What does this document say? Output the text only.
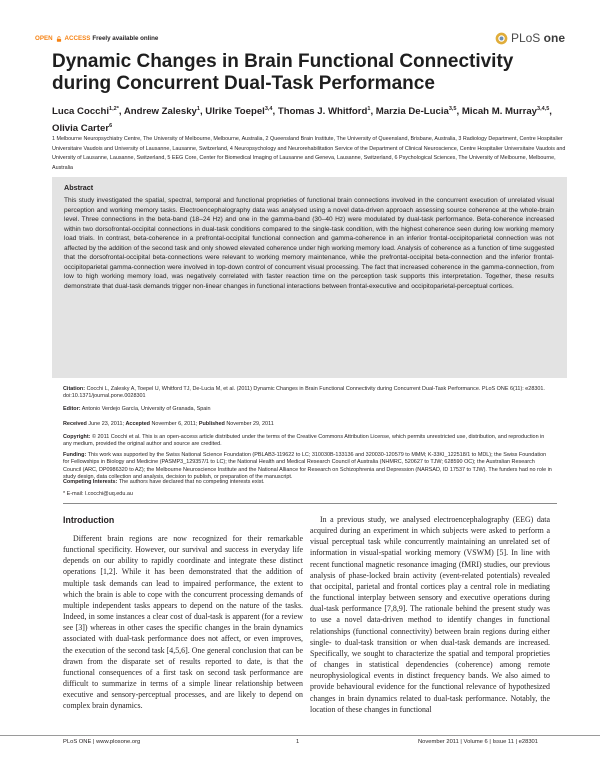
OPEN ACCESS Freely available online	PLoS one
Dynamic Changes in Brain Functional Connectivity during Concurrent Dual-Task Performance
Luca Cocchi$^{1,2*}$, Andrew Zalesky$^1$, Ulrike Toepel$^{3,4}$, Thomas J. Whitford$^1$, Marzia De-Lucia$^{3,5}$, Micah M. Murray$^{3,4,5}$, Olivia Carter$^6$
1 Melbourne Neuropsychiatry Centre, The University of Melbourne, Melbourne, Australia, 2 Queensland Brain Institute, The University of Queensland, Brisbane, Australia, 3 Radiology Department, Centre Hospitalier Universitaire Vaudois and University of Lausanne, Lausanne, Switzerland, 4 Neuropsychology and Neurorehabilitation Service of the Department of Clinical Neuroscience, Centre Hospitalier Universitaire Vaudois and University of Lausanne, Lausanne, Switzerland, 5 EEG Core, Center for Biomedical Imaging of Lausanne and Geneva, Lausanne, Switzerland, 6 Psychological Sciences, The University of Melbourne, Melbourne, Australia
Abstract
This study investigated the spatial, spectral, temporal and functional proprieties of functional brain connections involved in the concurrent execution of unrelated visual perception and working memory tasks. Electroencephalography data was analysed using a novel data-driven approach assessing source coherence at the whole-brain level. Three connections in the beta-band (18–24 Hz) and one in the gamma-band (30–40 Hz) were modulated by dual-task performance. Beta-coherence increased within two dorsofrontal-occipital connections in dual-task conditions compared to the single-task condition, with the highest coherence seen during low working memory load trials. In contrast, beta-coherence in a prefrontal-occipital functional connection and gamma-coherence in an inferior frontal-occipitoparietal connection was not affected by the addition of the second task and only showed elevated coherence under high working memory load. Analysis of coherence as a function of time suggested that the dorsofrontal-occipital beta-connections were relevant to working memory maintenance, while the prefrontal-occipital beta-connection and the inferior frontal-occipitoparietal gamma-connection were involved in top-down control of concurrent visual processing. The fact that increased coherence in the gamma-connection, from low to high working memory load, was negatively correlated with faster reaction time on the perception task supports this interpretation. Together, these results demonstrate that dual-task demands trigger non-linear changes in functional interactions between frontal-executive and occipitoparietal-perceptual cortices.
Citation: Cocchi L, Zalesky A, Toepel U, Whitford TJ, De-Lucia M, et al. (2011) Dynamic Changes in Brain Functional Connectivity during Concurrent Dual-Task Performance. PLoS ONE 6(11): e28301. doi:10.1371/journal.pone.0028301
Editor: Antonio Verdejo García, University of Granada, Spain
Received June 23, 2011; Accepted November 6, 2011; Published November 29, 2011
Copyright: © 2011 Cocchi et al. This is an open-access article distributed under the terms of the Creative Commons Attribution License, which permits unrestricted use, distribution, and reproduction in any medium, provided the original author and source are credited.
Funding: This work was supported by the Swiss National Science Foundation (PBLAB3-119622 to LC; 310030B-133136 and 320030-120579 to MMM; K-33KI_122518/1 to MDL); the Swiss Foundation for Fellowships in Biology and Medicine (PASMP3_129357/1 to LC); the National Health and Medical Research Council of Australia (NHMRC, 520627 to TJW; 628590 OC); the Australian Research Council (ARC, DP0986320 to AZ); the Melbourne Neuroscience Institute and the National Alliance for Research on Schizophrenia and Depression (NARSAD, ID 17537 to TJW). The funders had no role in study design, data collection and analysis, decision to publish, or preparation of the manuscript.
Competing Interests: The authors have declared that no competing interests exist.
* E-mail: l.cocchi@uq.edu.au
Introduction

Different brain regions are now recognized for their remarkable functional specificity. However, our survival and success in everyday life depends on our ability to rapidly coordinate and integrate these distinct operations [1,2]. While it has been demonstrated that the addition of multiple task demands can lead to impaired performance, the extent to which the brain is able to cope with the concurrent processing demands of multiple independent tasks appears to depend on the nature of the tasks. Indeed, in some instances a clear cost of dual-task is apparent (for a review see [3]) whereas in other cases the specific changes in the brain dynamics associated with dual-task performance does not affect, or even improves, the execution of the second task [4,5,6]. One general conclusion that can be drawn from the disparate set of results reported to date, is that the functional consequences of a first task on second task performance are difficult to summarize in terms of a simple linear relationship between executive and sensory-perceptual processes, and are likely to depend on complex brain dynamics.

In a previous study, we analysed electroencephalography (EEG) data acquired during an experiment in which subjects were asked to perform a visual perceptual task while concurrently maintaining an unrelated set of information in visual-spatial working memory (VSWM) [5]. In line with recent functional magnetic resonance imaging (fMRI) studies, our previous analysis of phase-locked brain activity (event-related potentials) revealed that occipital, parietal and frontal cortices play a central role in mediating the functional interplay between sensory and executive operations during dual-task performance [7,8,9]. The rationale behind the present study was to use a novel data-driven method to identify changes in functional relationships (functional connectivity) between brain regions during either single- to dual-task transition or when dual-task demands are increased. Specifically, we sought to characterize the spatial and temporal proprieties of changes in statistical dependencies (coherence) among remote neurophysiological events in distinct frequency bands. We also aimed to provide behavioural evidence for the functional relevance of hypothesized changes in brain dynamics related to dual-task performance. Notably, the location of these changes in functional

PLoS ONE | www.plosone.org	1	November 2011 | Volume 6 | Issue 11 | e28301
